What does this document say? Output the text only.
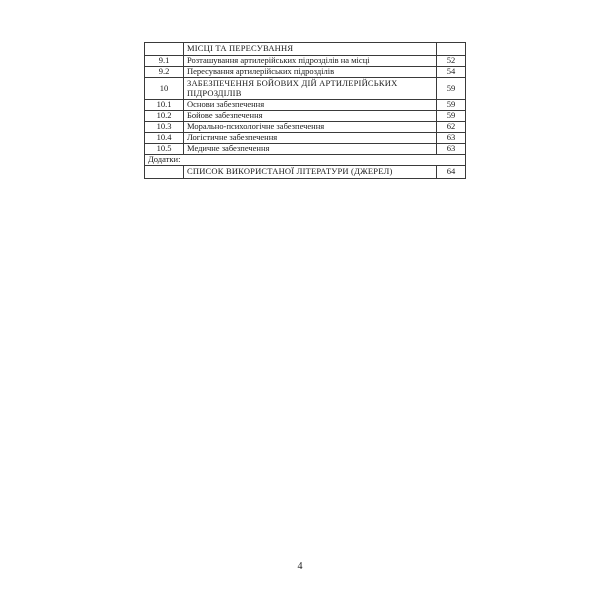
	МІСЦІ ТА ПЕРЕСУВАННЯ	
9.1	Розташування артилерійських підрозділів на місці	52
9.2	Пересування артилерійських підрозділів	54
10	ЗАБЕЗПЕЧЕННЯ БОЙОВИХ ДІЙ АРТИЛЕРІЙСЬКИХ ПІДРОЗДІЛІВ	59
10.1	Основи забезпечення	59
10.2	Бойове забезпечення	59
10.3	Морально-психологічне забезпечення	62
10.4	Логістичне забезпечення	63
10.5	Медичне забезпечення	63
Додатки:		
	СПИСОК ВИКОРИСТАНОЇ ЛІТЕРАТУРИ (ДЖЕРЕЛ)	64
4
